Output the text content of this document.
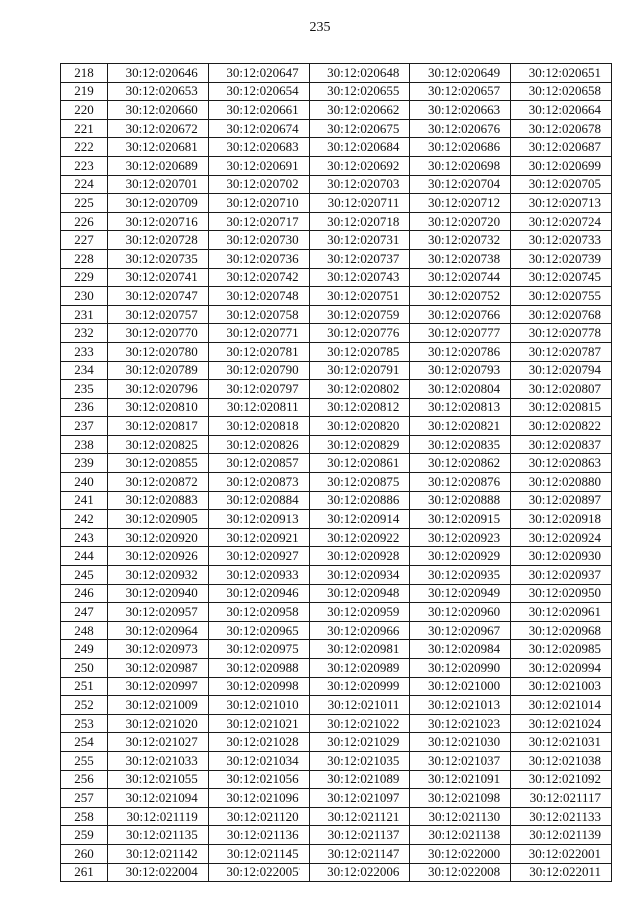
235
218	30:12:020646	30:12:020647	30:12:020648	30:12:020649	30:12:020651
219	30:12:020653	30:12:020654	30:12:020655	30:12:020657	30:12:020658
220	30:12:020660	30:12:020661	30:12:020662	30:12:020663	30:12:020664
221	30:12:020672	30:12:020674	30:12:020675	30:12:020676	30:12:020678
222	30:12:020681	30:12:020683	30:12:020684	30:12:020686	30:12:020687
223	30:12:020689	30:12:020691	30:12:020692	30:12:020698	30:12:020699
224	30:12:020701	30:12:020702	30:12:020703	30:12:020704	30:12:020705
225	30:12:020709	30:12:020710	30:12:020711	30:12:020712	30:12:020713
226	30:12:020716	30:12:020717	30:12:020718	30:12:020720	30:12:020724
227	30:12:020728	30:12:020730	30:12:020731	30:12:020732	30:12:020733
228	30:12:020735	30:12:020736	30:12:020737	30:12:020738	30:12:020739
229	30:12:020741	30:12:020742	30:12:020743	30:12:020744	30:12:020745
230	30:12:020747	30:12:020748	30:12:020751	30:12:020752	30:12:020755
231	30:12:020757	30:12:020758	30:12:020759	30:12:020766	30:12:020768
232	30:12:020770	30:12:020771	30:12:020776	30:12:020777	30:12:020778
233	30:12:020780	30:12:020781	30:12:020785	30:12:020786	30:12:020787
234	30:12:020789	30:12:020790	30:12:020791	30:12:020793	30:12:020794
235	30:12:020796	30:12:020797	30:12:020802	30:12:020804	30:12:020807
236	30:12:020810	30:12:020811	30:12:020812	30:12:020813	30:12:020815
237	30:12:020817	30:12:020818	30:12:020820	30:12:020821	30:12:020822
238	30:12:020825	30:12:020826	30:12:020829	30:12:020835	30:12:020837
239	30:12:020855	30:12:020857	30:12:020861	30:12:020862	30:12:020863
240	30:12:020872	30:12:020873	30:12:020875	30:12:020876	30:12:020880
241	30:12:020883	30:12:020884	30:12:020886	30:12:020888	30:12:020897
242	30:12:020905	30:12:020913	30:12:020914	30:12:020915	30:12:020918
243	30:12:020920	30:12:020921	30:12:020922	30:12:020923	30:12:020924
244	30:12:020926	30:12:020927	30:12:020928	30:12:020929	30:12:020930
245	30:12:020932	30:12:020933	30:12:020934	30:12:020935	30:12:020937
246	30:12:020940	30:12:020946	30:12:020948	30:12:020949	30:12:020950
247	30:12:020957	30:12:020958	30:12:020959	30:12:020960	30:12:020961
248	30:12:020964	30:12:020965	30:12:020966	30:12:020967	30:12:020968
249	30:12:020973	30:12:020975	30:12:020981	30:12:020984	30:12:020985
250	30:12:020987	30:12:020988	30:12:020989	30:12:020990	30:12:020994
251	30:12:020997	30:12:020998	30:12:020999	30:12:021000	30:12:021003
252	30:12:021009	30:12:021010	30:12:021011	30:12:021013	30:12:021014
253	30:12:021020	30:12:021021	30:12:021022	30:12:021023	30:12:021024
254	30:12:021027	30:12:021028	30:12:021029	30:12:021030	30:12:021031
255	30:12:021033	30:12:021034	30:12:021035	30:12:021037	30:12:021038
256	30:12:021055	30:12:021056	30:12:021089	30:12:021091	30:12:021092
257	30:12:021094	30:12:021096	30:12:021097	30:12:021098	30:12:021117
258	30:12:021119	30:12:021120	30:12:021121	30:12:021130	30:12:021133
259	30:12:021135	30:12:021136	30:12:021137	30:12:021138	30:12:021139
260	30:12:021142	30:12:021145	30:12:021147	30:12:022000	30:12:022001
261	30:12:022004	30:12:022005	30:12:022006	30:12:022008	30:12:022011
·
